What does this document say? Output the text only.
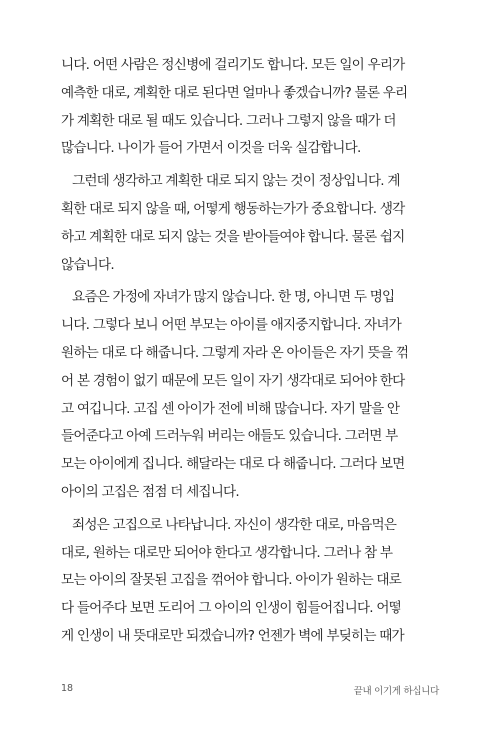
니다. 어떤 사람은 정신병에 걸리기도 합니다. 모든 일이 우리가
예측한 대로, 계획한 대로 된다면 얼마나 좋겠습니까? 물론 우리
가 계획한 대로 될 때도 있습니다. 그러나 그렇지 않을 때가 더
많습니다. 나이가 들어 가면서 이것을 더욱 실감합니다.
그런데 생각하고 계획한 대로 되지 않는 것이 정상입니다. 계
획한 대로 되지 않을 때, 어떻게 행동하는가가 중요합니다. 생각
하고 계획한 대로 되지 않는 것을 받아들여야 합니다. 물론 쉽지
않습니다.
요즘은 가정에 자녀가 많지 않습니다. 한 명, 아니면 두 명입
니다. 그렇다 보니 어떤 부모는 아이를 애지중지합니다. 자녀가
원하는 대로 다 해줍니다. 그렇게 자라 온 아이들은 자기 뜻을 꺾
어 본 경험이 없기 때문에 모든 일이 자기 생각대로 되어야 한다
고 여깁니다. 고집 센 아이가 전에 비해 많습니다. 자기 말을 안
들어준다고 아예 드러누워 버리는 애들도 있습니다. 그러면 부
모는 아이에게 집니다. 해달라는 대로 다 해줍니다. 그러다 보면
아이의 고집은 점점 더 세집니다.
죄성은 고집으로 나타납니다. 자신이 생각한 대로, 마음먹은
대로, 원하는 대로만 되어야 한다고 생각합니다. 그러나 참 부
모는 아이의 잘못된 고집을 꺾어야 합니다. 아이가 원하는 대로
다 들어주다 보면 도리어 그 아이의 인생이 힘들어집니다. 어떻
게 인생이 내 뜻대로만 되겠습니까? 언젠가 벽에 부딪히는 때가
18	끝내 이기게 하십니다
